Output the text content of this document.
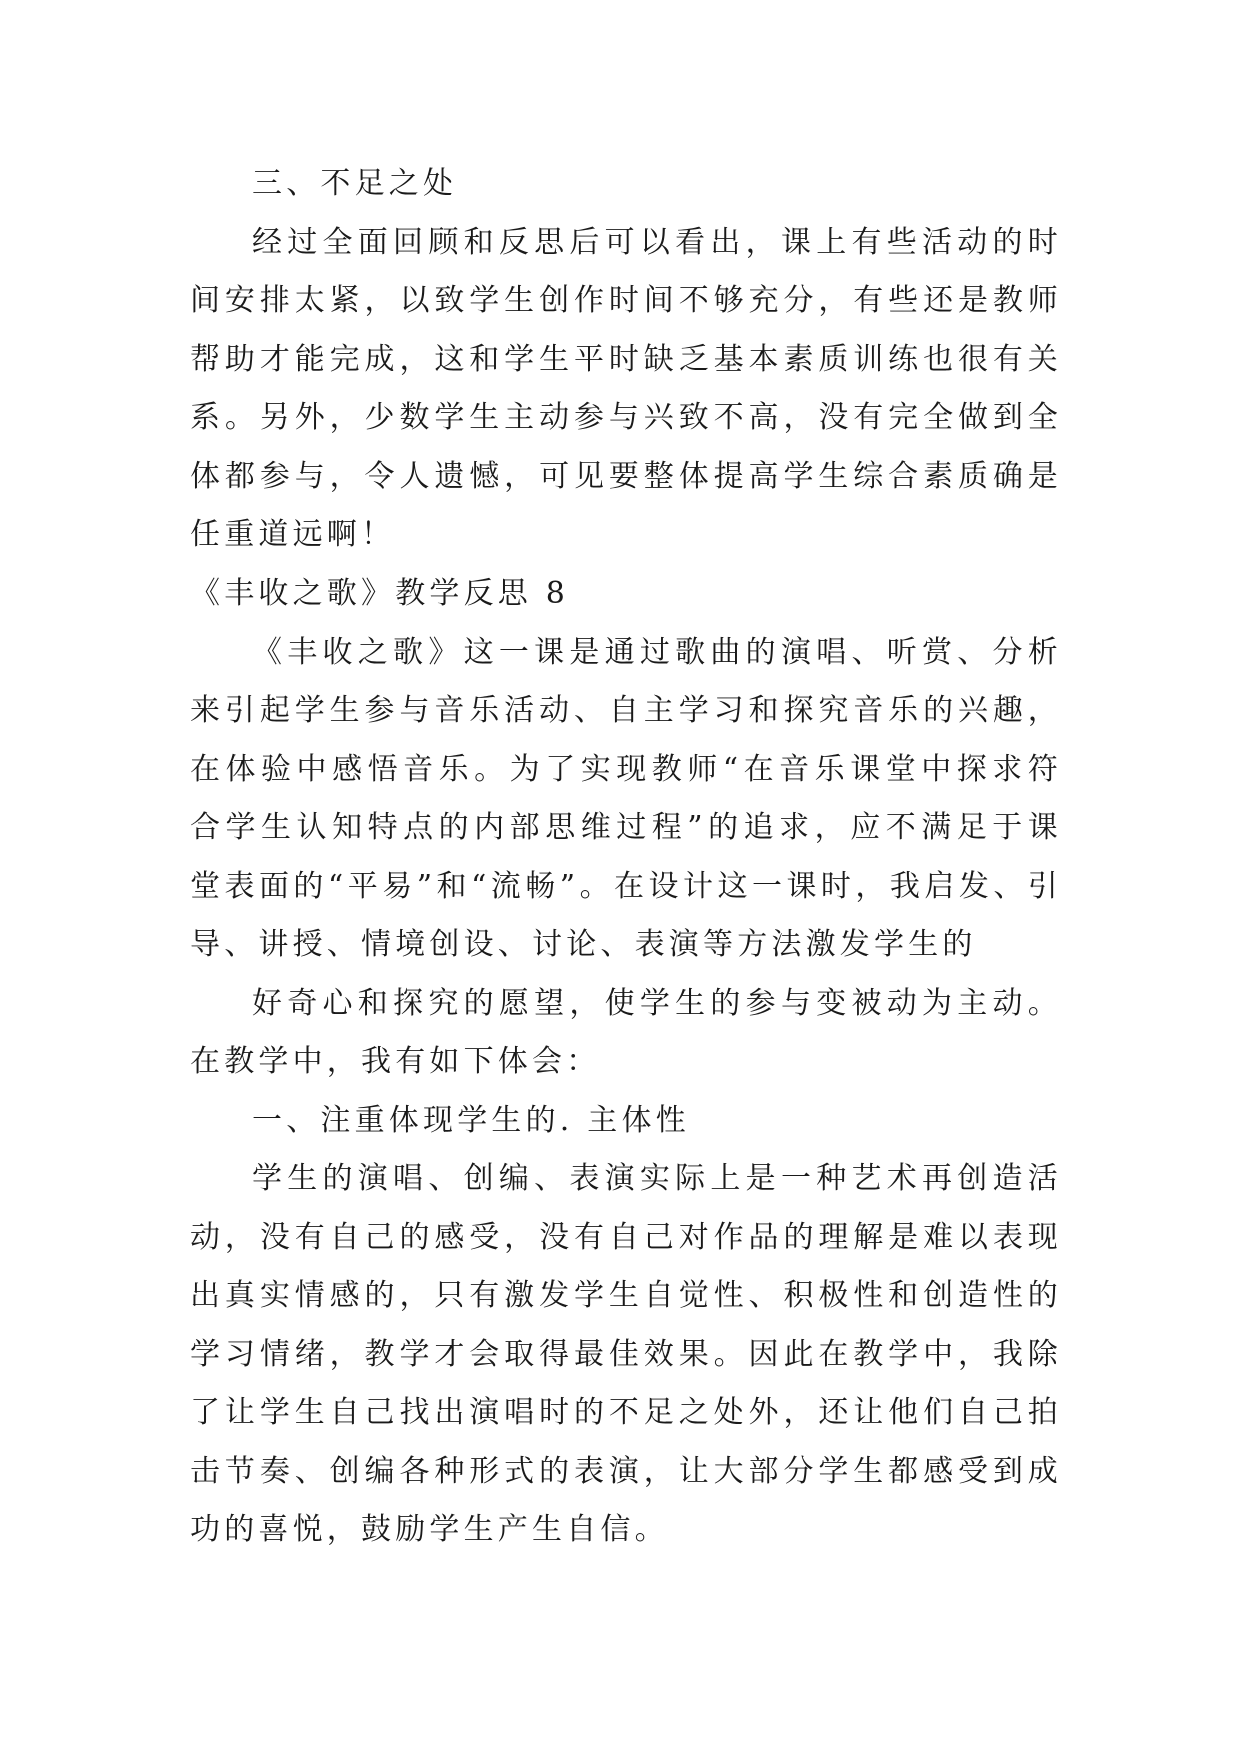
三、不足之处

经过全面回顾和反思后可以看出，课上有些活动的时间安排太紧，以致学生创作时间不够充分，有些还是教师帮助才能完成，这和学生平时缺乏基本素质训练也很有关系。另外，少数学生主动参与兴致不高，没有完全做到全体都参与，令人遗憾，可见要整体提高学生综合素质确是任重道远啊！

《丰收之歌》教学反思 8

《丰收之歌》这一课是通过歌曲的演唱、听赏、分析来引起学生参与音乐活动、自主学习和探究音乐的兴趣，在体验中感悟音乐。为了实现教师“在音乐课堂中探求符合学生认知特点的内部思维过程”的追求，应不满足于课堂表面的“平易”和“流畅”。在设计这一课时，我启发、引导、讲授、情境创设、讨论、表演等方法激发学生的

好奇心和探究的愿望，使学生的参与变被动为主动。在教学中，我有如下体会：

一、注重体现学生的. 主体性

学生的演唱、创编、表演实际上是一种艺术再创造活动，没有自己的感受，没有自己对作品的理解是难以表现出真实情感的，只有激发学生自觉性、积极性和创造性的学习情绪，教学才会取得最佳效果。因此在教学中，我除了让学生自己找出演唱时的不足之处外，还让他们自己拍击节奏、创编各种形式的表演，让大部分学生都感受到成功的喜悦，鼓励学生产生自信。
